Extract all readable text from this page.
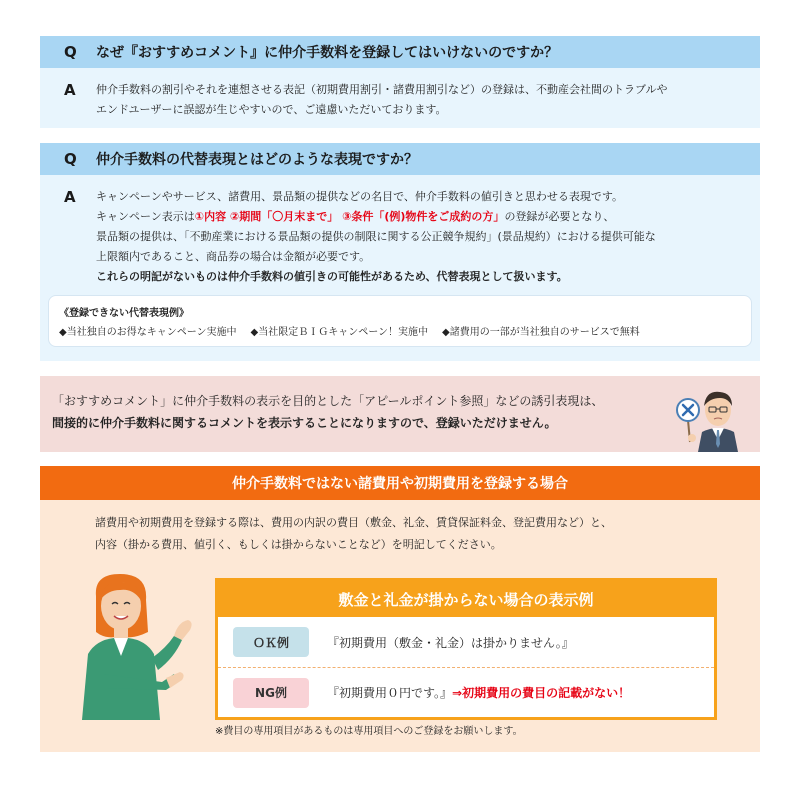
Q	なぜ『おすすめコメント』に仲介手数料を登録してはいけないのですか？
A	仲介手数料の割引やそれを連想させる表記（初期費用割引・諸費用割引など）の登録は、不動産会社間のトラブルや
エンドユーザーに誤認が生じやすいので、ご遠慮いただいております。
Q	仲介手数料の代替表現とはどのような表現ですか？
A	キャンペーンやサービス、諸費用、景品類の提供などの名目で、仲介手数料の値引きと思わせる表現です。
キャンペーン表示は①内容 ②期間「〇月末まで」 ③条件「(例)物件をご成約の方」の登録が必要となり、
景品類の提供は、「不動産業における景品類の提供の制限に関する公正競争規約」(景品規約）における提供可能な
上限額内であること、商品券の場合は金額が必要です。
これらの明記がないものは仲介手数料の値引きの可能性があるため、代替表現として扱います。
《登録できない代替表現例》
◆当社独自のお得なキャンペーン実施中 ◆当社限定ＢＩＧキャンペーン！実施中 ◆諸費用の一部が当社独自のサービスで無料
「おすすめコメント」に仲介手数料の表示を目的とした「アピールポイント参照」などの誘引表現は、
間接的に仲介手数料に関するコメントを表示することになりますので、登録いただけません。
仲介手数料ではない諸費用や初期費用を登録する場合
諸費用や初期費用を登録する際は、費用の内訳の費目（敷金、礼金、賃貸保証料金、登記費用など）と、
内容（掛かる費用、値引く、もしくは掛からないことなど）を明記してください。
敷金と礼金が掛からない場合の表示例
ＯＫ例	『初期費用（敷金・礼金）は掛かりません。』
NG例	『初期費用０円です。』⇒初期費用の費目の記載がない！
※費目の専用項目があるものは専用項目へのご登録をお願いします。
